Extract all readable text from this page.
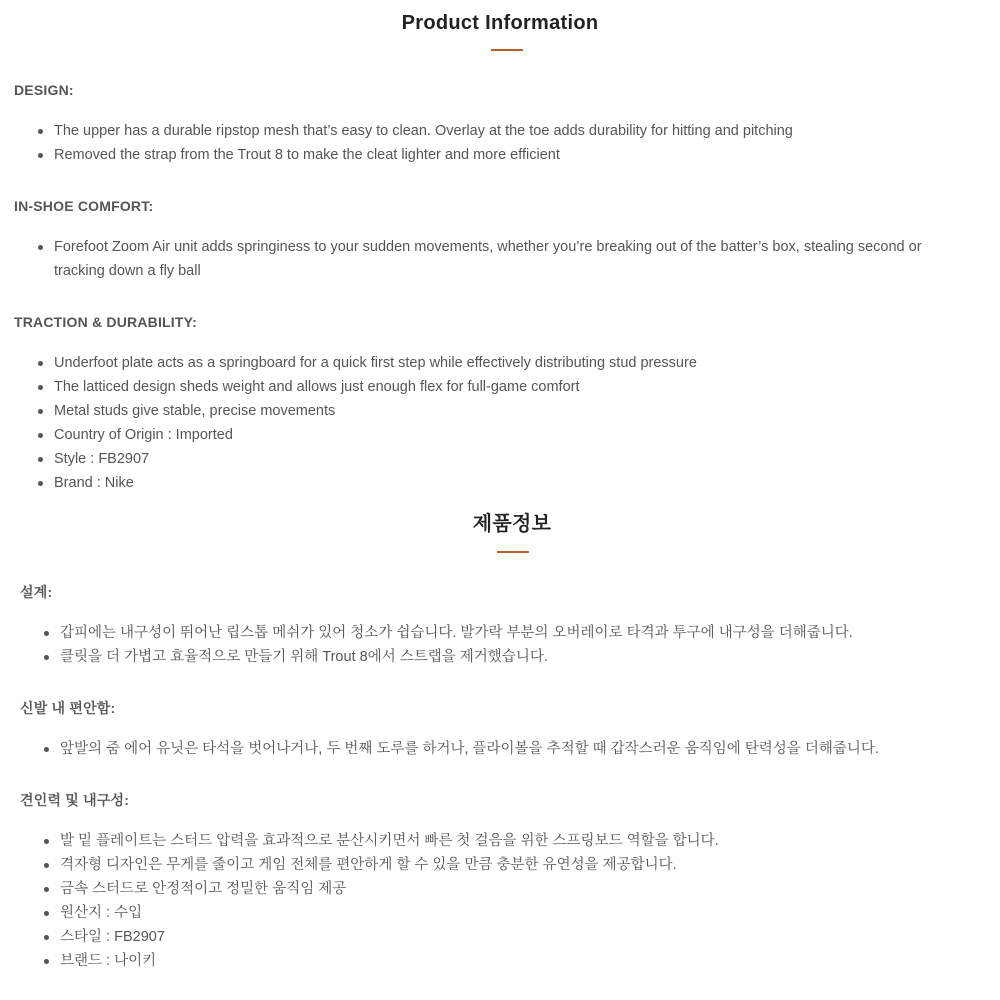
Product Information
DESIGN:
The upper has a durable ripstop mesh that’s easy to clean. Overlay at the toe adds durability for hitting and pitching
Removed the strap from the Trout 8 to make the cleat lighter and more efficient
IN-SHOE COMFORT:
Forefoot Zoom Air unit adds springiness to your sudden movements, whether you’re breaking out of the batter’s box, stealing second or tracking down a fly ball
TRACTION & DURABILITY:
Underfoot plate acts as a springboard for a quick first step while effectively distributing stud pressure
The latticed design sheds weight and allows just enough flex for full-game comfort
Metal studs give stable, precise movements
Country of Origin : Imported
Style : FB2907
Brand : Nike
제품정보
설계:
갑피에는 내구성이 뛰어난 립스톱 메쉬가 있어 청소가 쉽습니다. 발가락 부분의 오버레이로 타격과 투구에 내구성을 더해줍니다.
클릿을 더 가볍고 효율적으로 만들기 위해 Trout 8에서 스트랩을 제거했습니다.
신발 내 편안함:
앞발의 줌 에어 유닛은 타석을 벗어나거나, 두 번째 도루를 하거나, 플라이볼을 추적할 때 갑작스러운 움직임에 탄력성을 더해줍니다.
견인력 및 내구성:
발 밑 플레이트는 스터드 압력을 효과적으로 분산시키면서 빠른 첫 걸음을 위한 스프링보드 역할을 합니다.
격자형 디자인은 무게를 줄이고 게임 전체를 편안하게 할 수 있을 만큼 충분한 유연성을 제공합니다.
금속 스터드로 안정적이고 정밀한 움직임 제공
원산지 : 수입
스타일 : FB2907
브랜드 : 나이키
